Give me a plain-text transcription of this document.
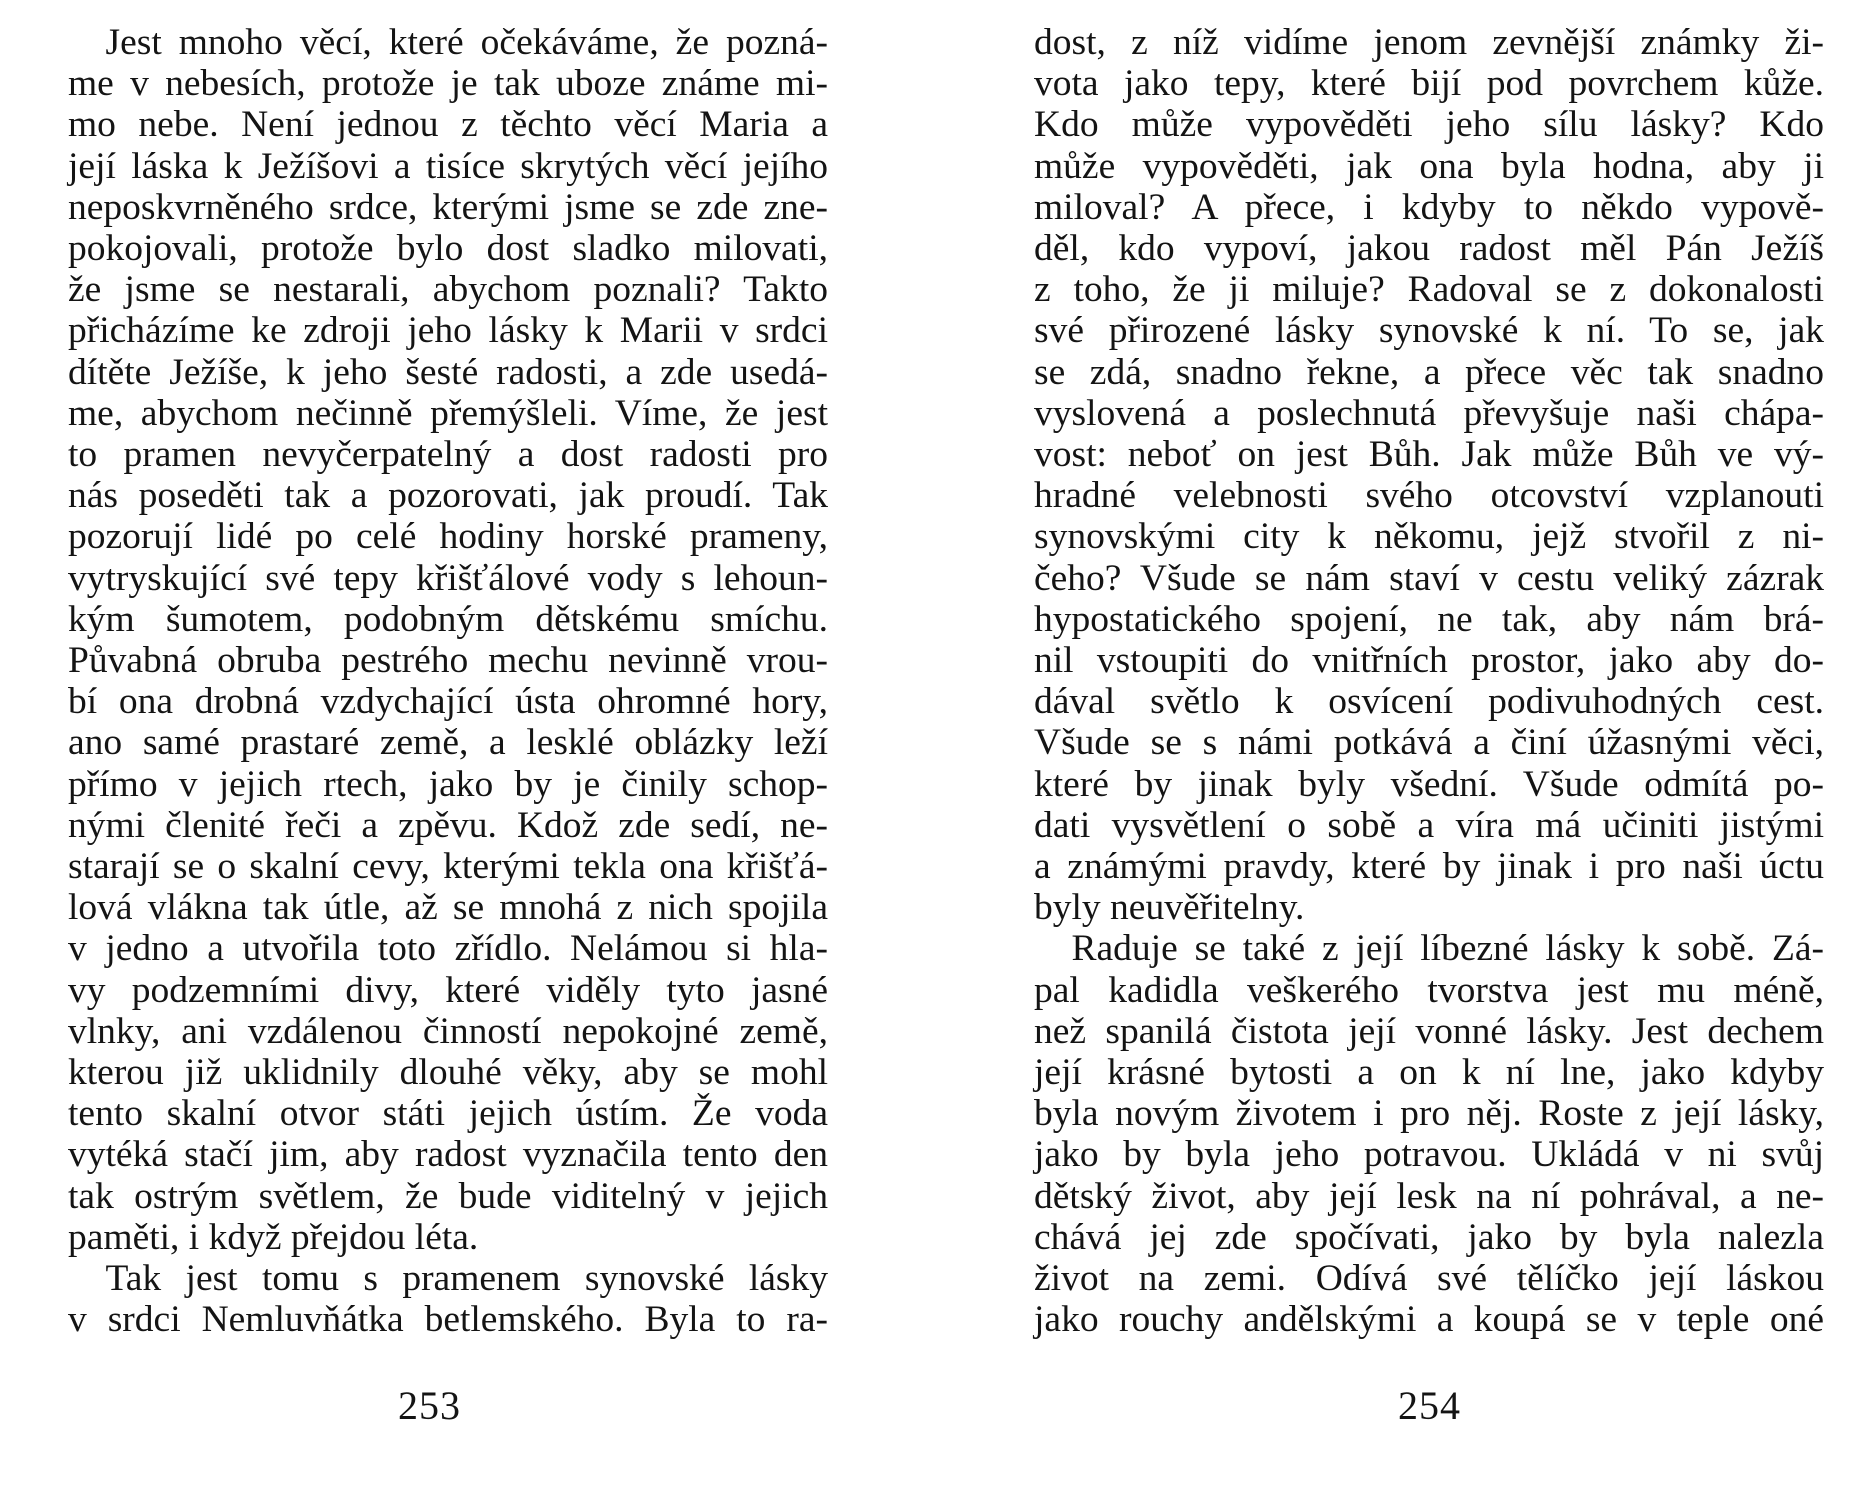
Jest mnoho věcí, které očekáváme, že pozná-
me v nebesích, protože je tak uboze známe mi-
mo nebe. Není jednou z těchto věcí Maria a
její láska k Ježíšovi a tisíce skrytých věcí jejího
neposkvrněného srdce, kterými jsme se zde zne-
pokojovali, protože bylo dost sladko milovati,
že jsme se nestarali, abychom poznali? Takto
přicházíme ke zdroji jeho lásky k Marii v srdci
dítěte Ježíše, k jeho šesté radosti, a zde usedá-
me, abychom nečinně přemýšleli. Víme, že jest
to pramen nevyčerpatelný a dost radosti pro
nás poseděti tak a pozorovati, jak proudí. Tak
pozorují lidé po celé hodiny horské prameny,
vytryskující své tepy křišťálové vody s lehoun-
kým šumotem, podobným dětskému smíchu.
Půvabná obruba pestrého mechu nevinně vrou-
bí ona drobná vzdychající ústa ohromné hory,
ano samé prastaré země, a lesklé oblázky leží
přímo v jejich rtech, jako by je činily schop-
nými členité řeči a zpěvu. Kdož zde sedí, ne-
starají se o skalní cevy, kterými tekla ona křišťá-
lová vlákna tak útle, až se mnohá z nich spojila
v jedno a utvořila toto zřídlo. Nelámou si hla-
vy podzemními divy, které viděly tyto jasné
vlnky, ani vzdálenou činností nepokojné země,
kterou již uklidnily dlouhé věky, aby se mohl
tento skalní otvor státi jejich ústím. Že voda
vytéká stačí jim, aby radost vyznačila tento den
tak ostrým světlem, že bude viditelný v jejich
paměti, i když přejdou léta.
Tak jest tomu s pramenem synovské lásky
v srdci Nemluvňátka betlemského. Byla to ra-
dost, z níž vidíme jenom zevnější známky ži-
vota jako tepy, které bijí pod povrchem kůže.
Kdo může vypověděti jeho sílu lásky? Kdo
může vypověděti, jak ona byla hodna, aby ji
miloval? A přece, i kdyby to někdo vypově-
děl, kdo vypoví, jakou radost měl Pán Ježíš
z toho, že ji miluje? Radoval se z dokonalosti
své přirozené lásky synovské k ní. To se, jak
se zdá, snadno řekne, a přece věc tak snadno
vyslovená a poslechnutá převyšuje naši chápa-
vost: neboť on jest Bůh. Jak může Bůh ve vý-
hradné velebnosti svého otcovství vzplanouti
synovskými city k někomu, jejž stvořil z ni-
čeho? Všude se nám staví v cestu veliký zázrak
hypostatického spojení, ne tak, aby nám brá-
nil vstoupiti do vnitřních prostor, jako aby do-
dával světlo k osvícení podivuhodných cest.
Všude se s námi potkává a činí úžasnými věci,
které by jinak byly všední. Všude odmítá po-
dati vysvětlení o sobě a víra má učiniti jistými
a známými pravdy, které by jinak i pro naši úctu
byly neuvěřitelny.
Raduje se také z její líbezné lásky k sobě. Zá-
pal kadidla veškerého tvorstva jest mu méně,
než spanilá čistota její vonné lásky. Jest dechem
její krásné bytosti a on k ní lne, jako kdyby
byla novým životem i pro něj. Roste z její lásky,
jako by byla jeho potravou. Ukládá v ni svůj
dětský život, aby její lesk na ní pohrával, a ne-
chává jej zde spočívati, jako by byla nalezla
život na zemi. Odívá své tělíčko její láskou
jako rouchy andělskými a koupá se v teple oné
253	254
